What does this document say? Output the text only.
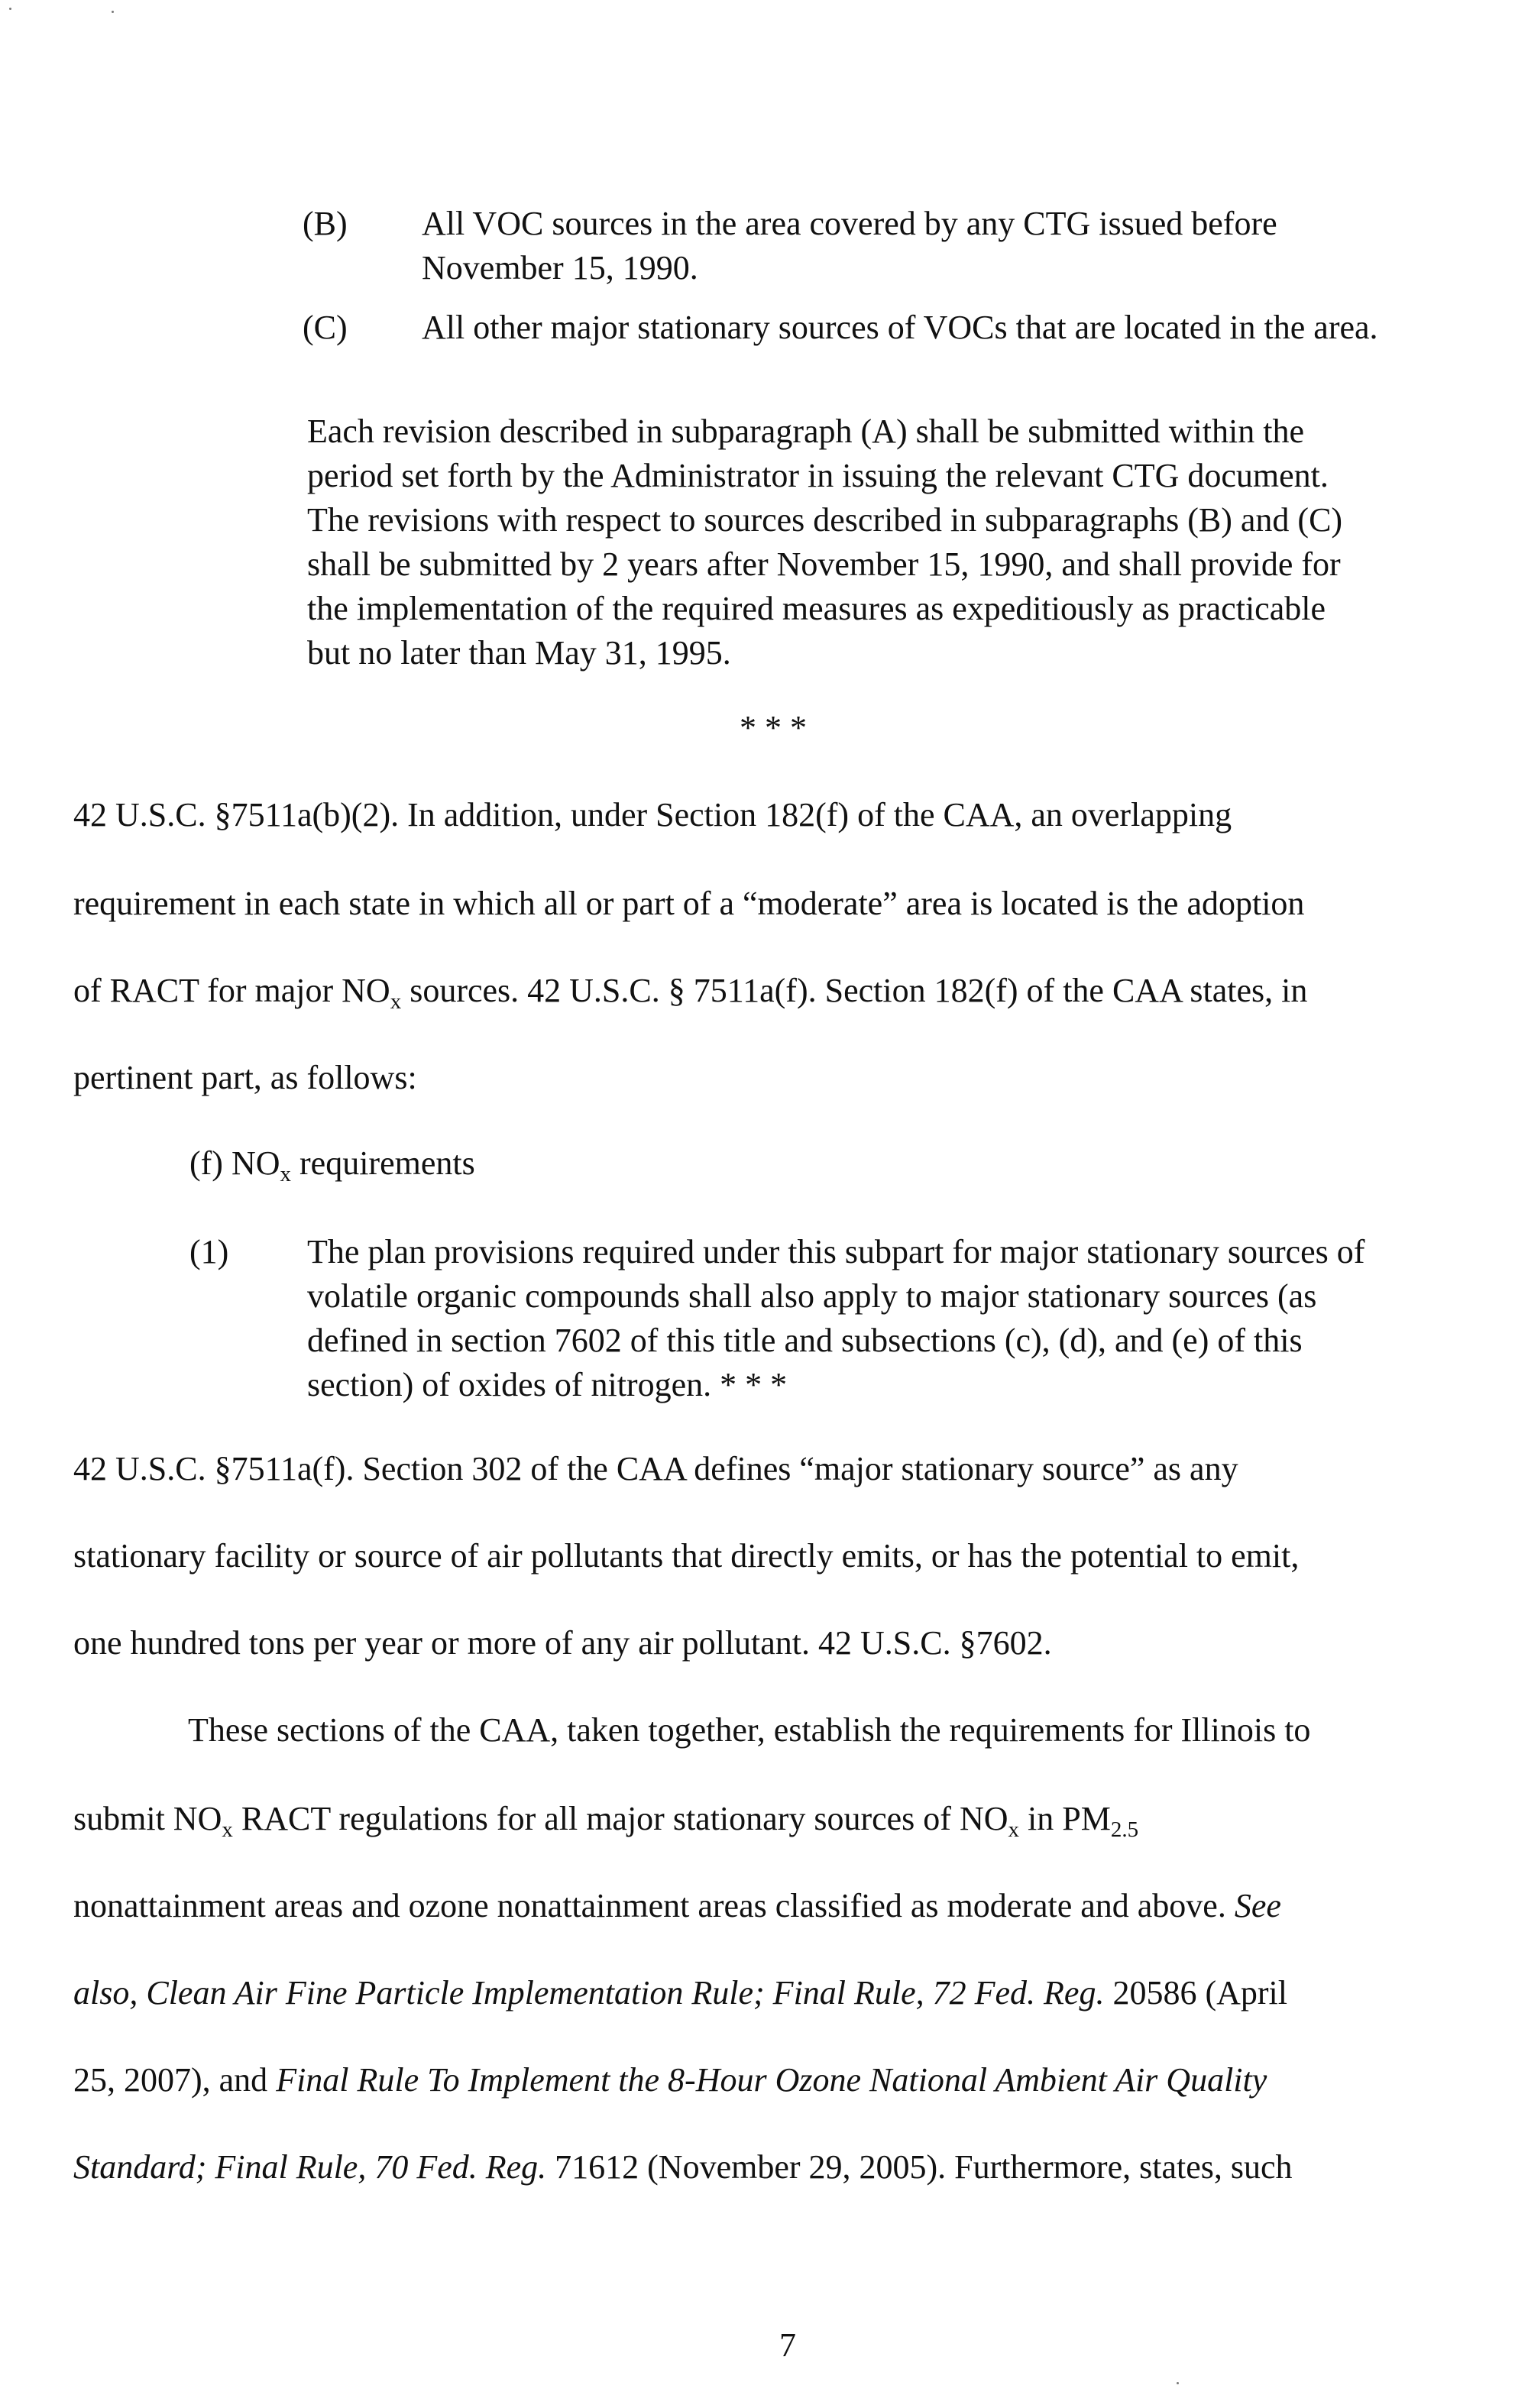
(B) All VOC sources in the area covered by any CTG issued before
November 15, 1990.
(C) All other major stationary sources of VOCs that are located in the area.
Each revision described in subparagraph (A) shall be submitted within the
period set forth by the Administrator in issuing the relevant CTG document.
The revisions with respect to sources described in subparagraphs (B) and (C)
shall be submitted by 2 years after November 15, 1990, and shall provide for
the implementation of the required measures as expeditiously as practicable
but no later than May 31, 1995.
* * *
42 U.S.C. §7511a(b)(2). In addition, under Section 182(f) of the CAA, an overlapping
requirement in each state in which all or part of a “moderate” area is located is the adoption
of RACT for major $NO_x$ sources. 42 U.S.C. § 7511a(f). Section 182(f) of the CAA states, in
pertinent part, as follows:
(f) $NO_x$ requirements
(1) The plan provisions required under this subpart for major stationary sources of
volatile organic compounds shall also apply to major stationary sources (as
defined in section 7602 of this title and subsections (c), (d), and (e) of this
section) of oxides of nitrogen. * * *
42 U.S.C. §7511a(f). Section 302 of the CAA defines “major stationary source” as any
stationary facility or source of air pollutants that directly emits, or has the potential to emit,
one hundred tons per year or more of any air pollutant. 42 U.S.C. §7602.
These sections of the CAA, taken together, establish the requirements for Illinois to
submit $NO_x$ RACT regulations for all major stationary sources of $NO_x$ in $PM_{2.5}$
nonattainment areas and ozone nonattainment areas classified as moderate and above. See
also, Clean Air Fine Particle Implementation Rule; Final Rule, 72 Fed. Reg. 20586 (April
25, 2007), and Final Rule To Implement the 8-Hour Ozone National Ambient Air Quality
Standard; Final Rule, 70 Fed. Reg. 71612 (November 29, 2005). Furthermore, states, such
7
